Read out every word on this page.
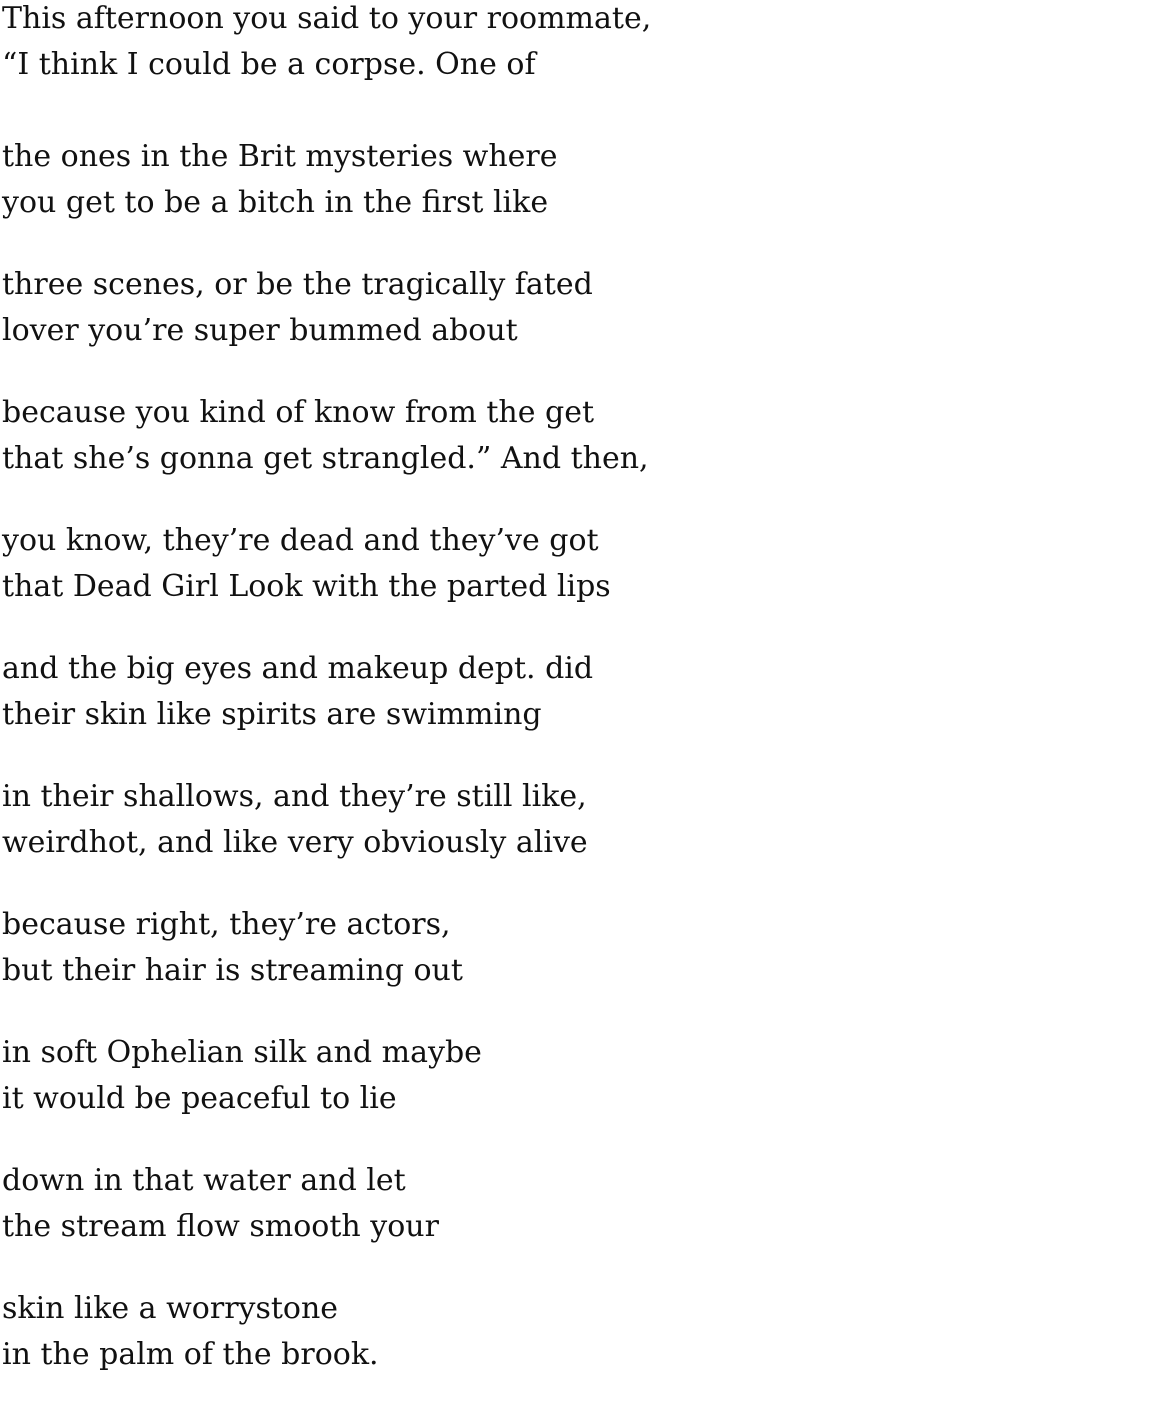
This afternoon you said to your roommate,
“I think I could be a corpse. One of
the ones in the Brit mysteries where
you get to be a bitch in the first like
three scenes, or be the tragically fated
lover you’re super bummed about
because you kind of know from the get
that she’s gonna get strangled.” And then,
you know, they’re dead and they’ve got
that Dead Girl Look with the parted lips
and the big eyes and makeup dept. did
their skin like spirits are swimming
in their shallows, and they’re still like,
weirdhot, and like very obviously alive
because right, they’re actors,
but their hair is streaming out
in soft Ophelian silk and maybe
it would be peaceful to lie
down in that water and let
the stream flow smooth your
skin like a worrystone
in the palm of the brook.
